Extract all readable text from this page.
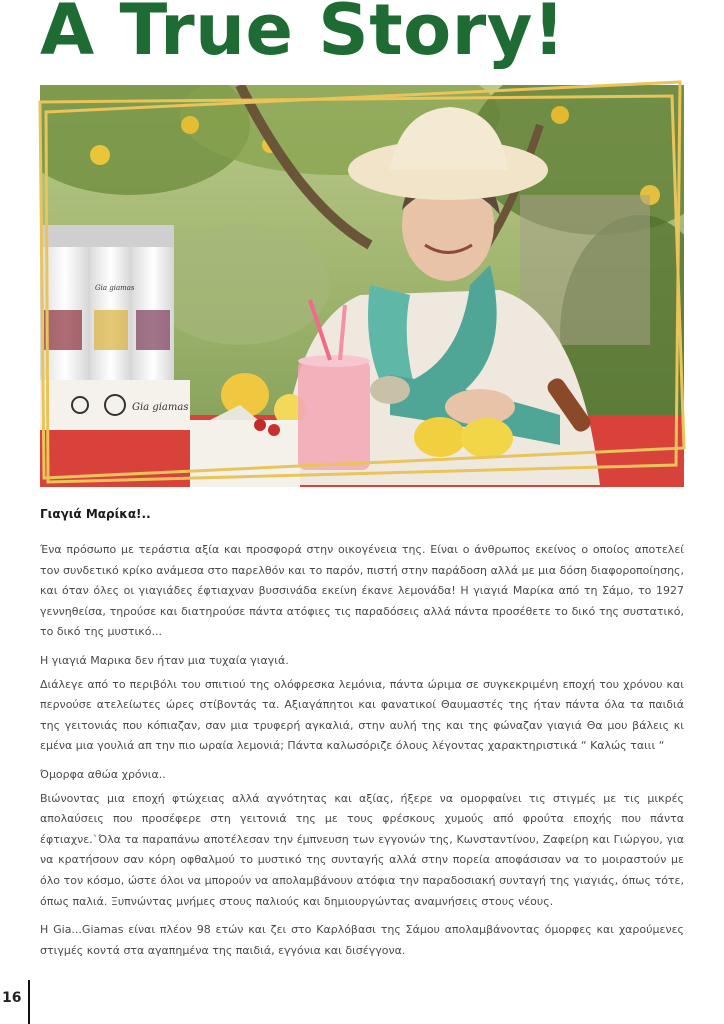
A True Story!
Gia giamas
Gia giamas

Γιαγιά Μαρίκα!..

Ένα πρόσωπο με τεράστια αξία και προσφορά στην οικογένεια της. Είναι ο άνθρωπος εκείνος ο οποίος αποτελεί τον συνδετικό κρίκο ανάμεσα στο παρελθόν και το παρόν, πιστή στην παράδοση αλλά με μια δόση διαφοροποίησης, και όταν όλες οι γιαγιάδες έφτιαχναν βυσσινάδα εκείνη έκανε λεμονάδα! Η γιαγιά Μαρίκα από τη Σάμο, το 1927 γεννηθείσα, τηρούσε και διατηρούσε πάντα ατόφιες τις παραδόσεις αλλά πάντα προσέθετε το δικό της συστατικό, το δικό της μυστικό...

Η γιαγιά Μαρικα δεν ήταν μια τυχαία γιαγιά.

Διάλεγε από το περιβόλι του σπιτιού της ολόφρεσκα λεμόνια, πάντα ώριμα σε συγκεκριμένη εποχή του χρόνου και περνούσε ατελείωτες ώρες στίβοντάς τα. Αξιαγάπητοι και φανατικοί Θαυμαστές της ήταν πάντα όλα τα παιδιά της γειτονιάς που κόπιαζαν, σαν μια τρυφερή αγκαλιά, στην αυλή της και της φώναζαν γιαγιά Θα μου βάλεις κι εμένα μια γουλιά απ την πιο ωραία λεμονιά; Πάντα καλωσόριζε όλους λέγοντας χαρακτηριστικά “ Καλώς ταιιι “

Όμορφα αθώα χρόνια..

Βιώνοντας μια εποχή φτώχειας αλλά αγνότητας και αξίας, ήξερε να ομορφαίνει τις στιγμές με τις μικρές απολαύσεις που προσέφερε στη γειτονιά της με τους φρέσκους χυμούς από φρούτα εποχής που πάντα έφτιαχνε.`Όλα τα παραπάνω αποτέλεσαν την έμπνευση των εγγονών της, Κωνσταντίνου, Ζαφείρη και Γιώργου, για να κρατήσουν σαν κόρη οφθαλμού το μυστικό της συνταγής αλλά στην πορεία αποφάσισαν να το μοιραστούν με όλο τον κόσμο, ώστε όλοι να μπορούν να απολαμβάνουν ατόφια την παραδοσιακή συνταγή της γιαγιάς, όπως τότε, όπως παλιά. Ξυπνώντας μνήμες στους παλιούς και δημιουργώντας αναμνήσεις στους νέους.

Η Gia...Giamas είναι πλέον 98 ετών και ζει στο Καρλόβασι της Σάμου απολαμβάνοντας όμορφες και χαρούμενες στιγμές κοντά στα αγαπημένα της παιδιά, εγγόνια και δισέγγονα.

16
